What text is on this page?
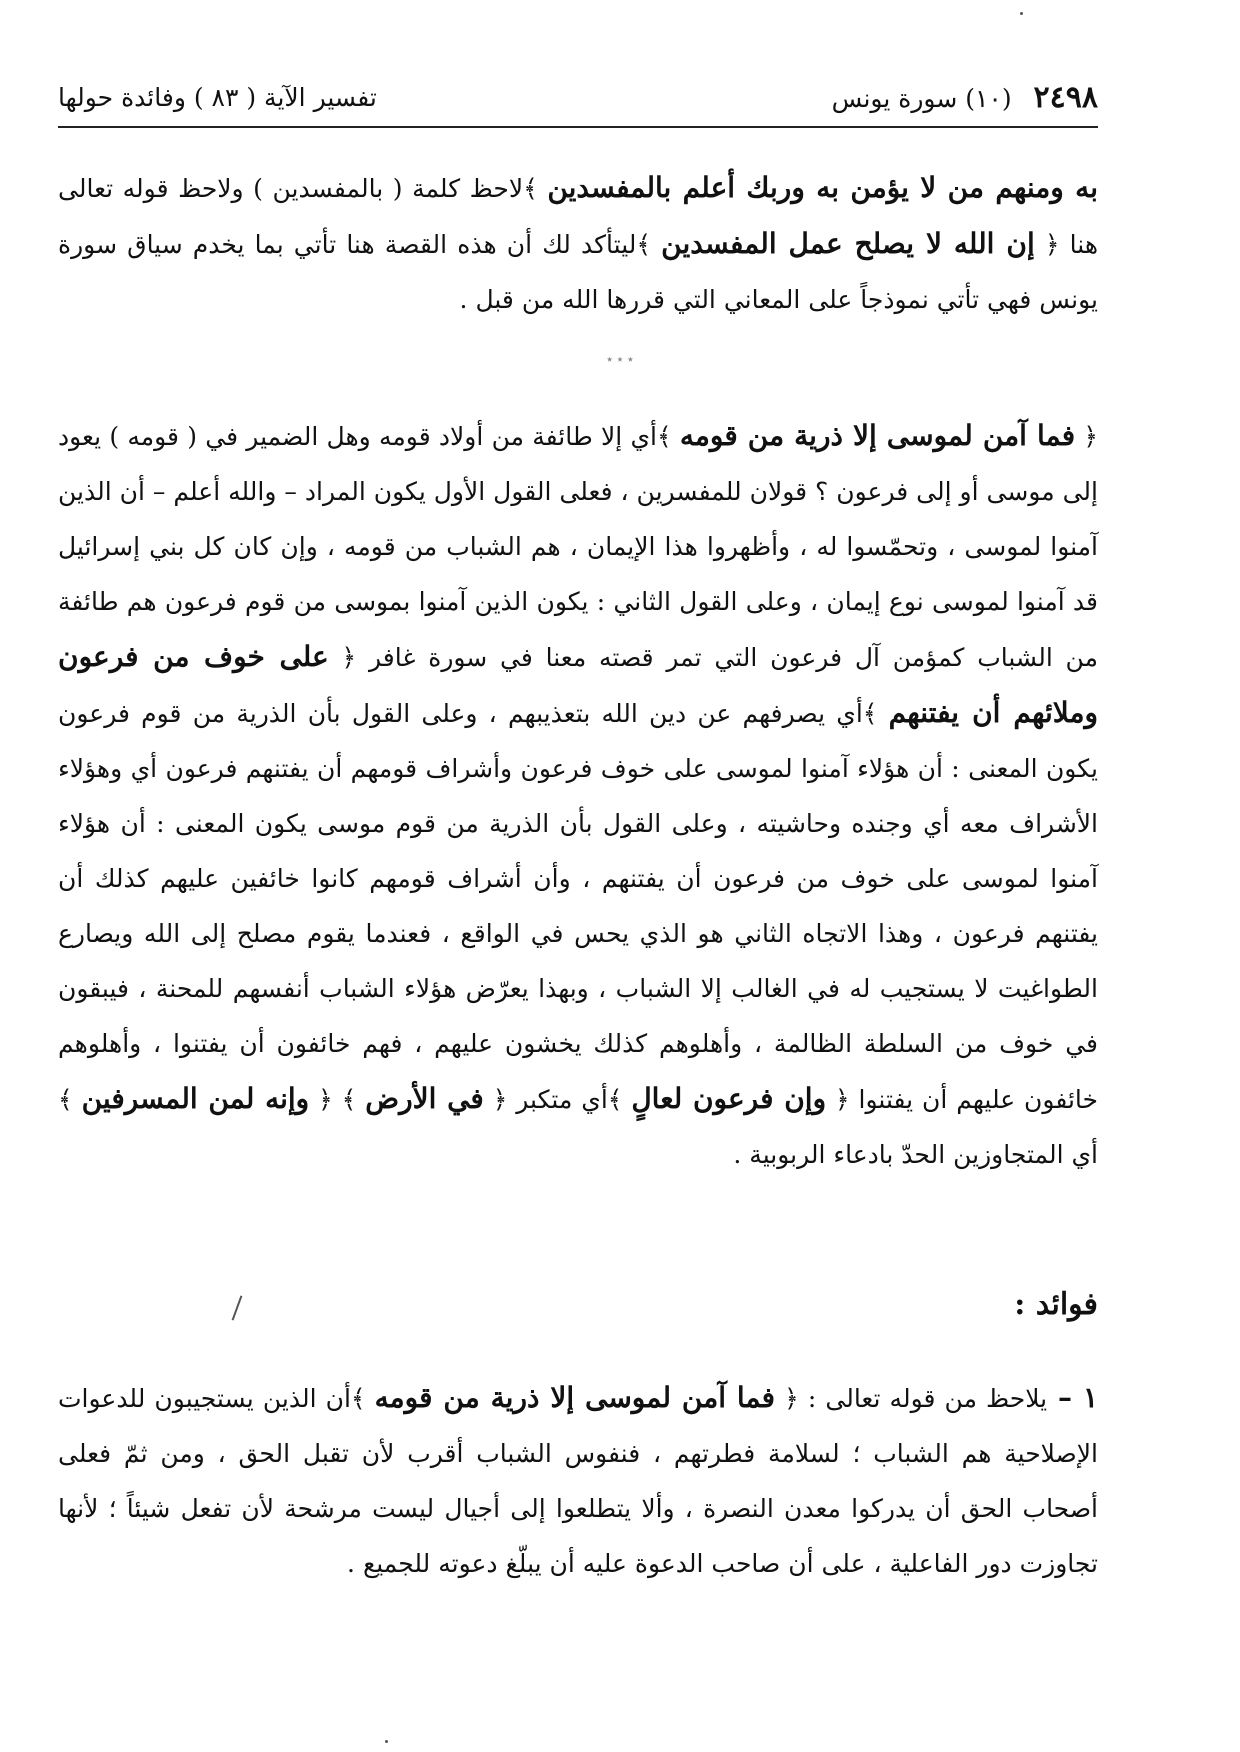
٢٤٩٨ (١٠) سورة يونس
تفسير الآية ( ٨٣ ) وفائدة حولها

به ومنهم من لا يؤمن به وربك أعلم بالمفسدين ﴾لاحظ كلمة ( بالمفسدين ) ولاحظ قوله تعالى هنا ﴿ إن الله لا يصلح عمل المفسدين ﴾ليتأكد لك أن هذه القصة هنا تأتي بما يخدم سياق سورة يونس فهي تأتي نموذجاً على المعاني التي قررها الله من قبل .

٭ ٭ ٭

﴿ فما آمن لموسى إلا ذرية من قومه ﴾أي إلا طائفة من أولاد قومه وهل الضمير في ( قومه ) يعود إلى موسى أو إلى فرعون ؟ قولان للمفسرين ، فعلى القول الأول يكون المراد – والله أعلم – أن الذين آمنوا لموسى ، وتحمّسوا له ، وأظهروا هذا الإيمان ، هم الشباب من قومه ، وإن كان كل بني إسرائيل قد آمنوا لموسى نوع إيمان ، وعلى القول الثاني : يكون الذين آمنوا بموسى من قوم فرعون هم طائفة من الشباب كمؤمن آل فرعون التي تمر قصته معنا في سورة غافر ﴿ على خوف من فرعون وملائهم أن يفتنهم ﴾أي يصرفهم عن دين الله بتعذيبهم ، وعلى القول بأن الذرية من قوم فرعون يكون المعنى : أن هؤلاء آمنوا لموسى على خوف فرعون وأشراف قومهم أن يفتنهم فرعون أي وهؤلاء الأشراف معه أي وجنده وحاشيته ، وعلى القول بأن الذرية من قوم موسى يكون المعنى : أن هؤلاء آمنوا لموسى على خوف من فرعون أن يفتنهم ، وأن أشراف قومهم كانوا خائفين عليهم كذلك أن يفتنهم فرعون ، وهذا الاتجاه الثاني هو الذي يحس في الواقع ، فعندما يقوم مصلح إلى الله ويصارع الطواغيت لا يستجيب له في الغالب إلا الشباب ، وبهذا يعرّض هؤلاء الشباب أنفسهم للمحنة ، فيبقون في خوف من السلطة الظالمة ، وأهلوهم كذلك يخشون عليهم ، فهم خائفون أن يفتنوا ، وأهلوهم خائفون عليهم أن يفتنوا ﴿ وإن فرعون لعالٍ ﴾أي متكبر ﴿ في الأرض ﴾ ﴿ وإنه لمن المسرفين ﴾أي المتجاوزين الحدّ بادعاء الربوبية .

فوائد :

١ – يلاحظ من قوله تعالى : ﴿ فما آمن لموسى إلا ذرية من قومه ﴾أن الذين يستجيبون للدعوات الإصلاحية هم الشباب ؛ لسلامة فطرتهم ، فنفوس الشباب أقرب لأن تقبل الحق ، ومن ثمّ فعلى أصحاب الحق أن يدركوا معدن النصرة ، وألا يتطلعوا إلى أجيال ليست مرشحة لأن تفعل شيئاً ؛ لأنها تجاوزت دور الفاعلية ، على أن صاحب الدعوة عليه أن يبلّغ دعوته للجميع .
